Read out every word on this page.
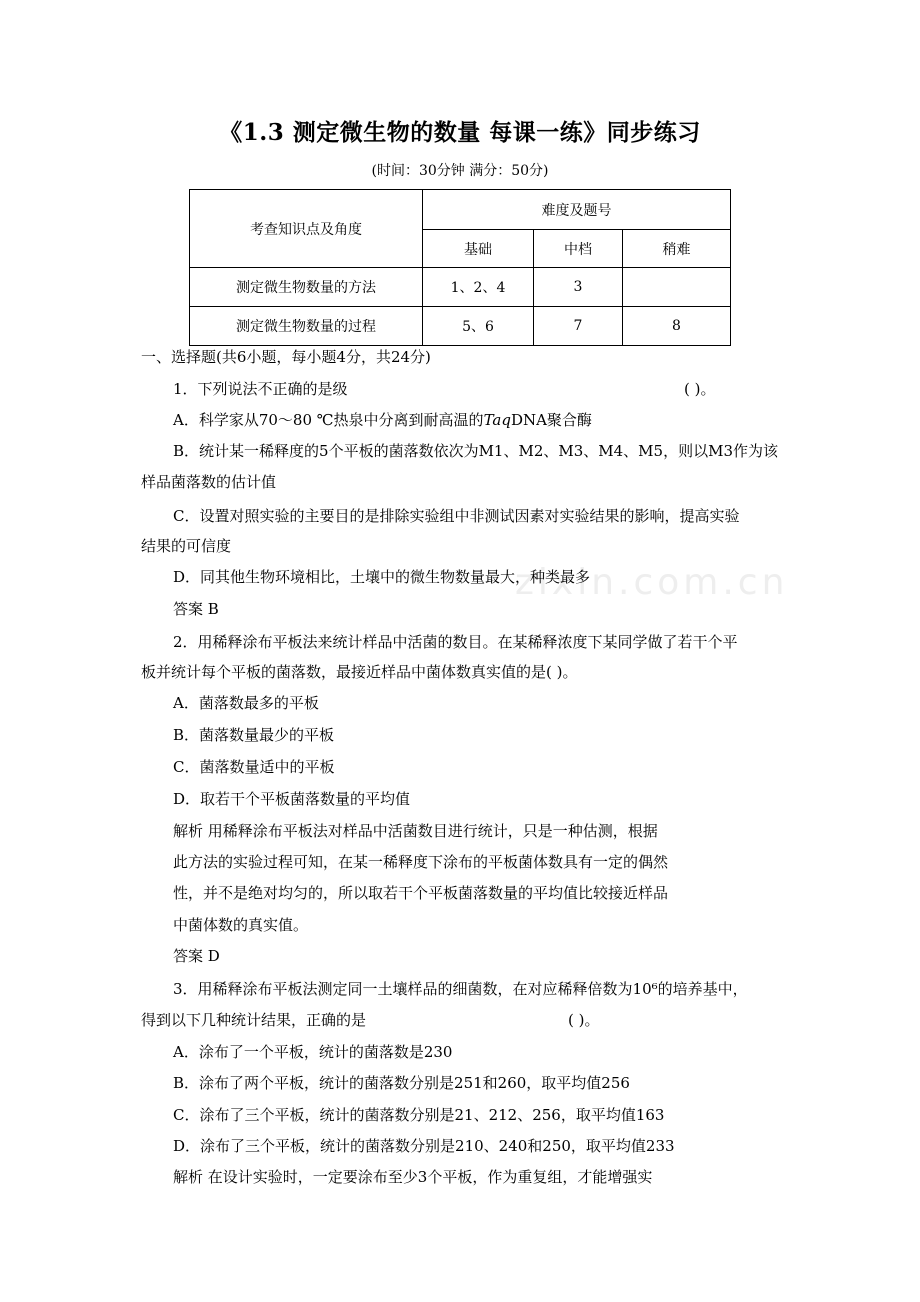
《1.3 测定微生物的数量 每课一练》同步练习
(时间：30分钟 满分：50分)
考查知识点及角度	难度及题号		
	基础	中档	稍难
测定微生物数量的方法	1、2、4	3	
测定微生物数量的过程	5、6	7	8
zixin.com.cn
一、选择题(共6小题，每小题4分，共24分)
1．下列说法不正确的是级	( )。
A．科学家从70～80 ℃热泉中分离到耐高温的TaqDNA聚合酶
B．统计某一稀释度的5个平板的菌落数依次为M1、M2、M3、M4、M5，则以M3作为该
样品菌落数的估计值
C．设置对照实验的主要目的是排除实验组中非测试因素对实验结果的影响，提高实验
结果的可信度
D．同其他生物环境相比，土壤中的微生物数量最大，种类最多
答案 B
2．用稀释涂布平板法来统计样品中活菌的数目。在某稀释浓度下某同学做了若干个平
板并统计每个平板的菌落数，最接近样品中菌体数真实值的是( )。
A．菌落数最多的平板
B．菌落数量最少的平板
C．菌落数量适中的平板
D．取若干个平板菌落数量的平均值
解析 用稀释涂布平板法对样品中活菌数目进行统计，只是一种估测，根据
此方法的实验过程可知，在某一稀释度下涂布的平板菌体数具有一定的偶然
性，并不是绝对均匀的，所以取若干个平板菌落数量的平均值比较接近样品
中菌体数的真实值。
答案 D
3．用稀释涂布平板法测定同一土壤样品的细菌数，在对应稀释倍数为10⁶的培养基中，
得到以下几种统计结果，正确的是	( )。
A．涂布了一个平板，统计的菌落数是230
B．涂布了两个平板，统计的菌落数分别是251和260，取平均值256
C．涂布了三个平板，统计的菌落数分别是21、212、256，取平均值163
D．涂布了三个平板，统计的菌落数分别是210、240和250，取平均值233
解析 在设计实验时，一定要涂布至少3个平板，作为重复组，才能增强实
